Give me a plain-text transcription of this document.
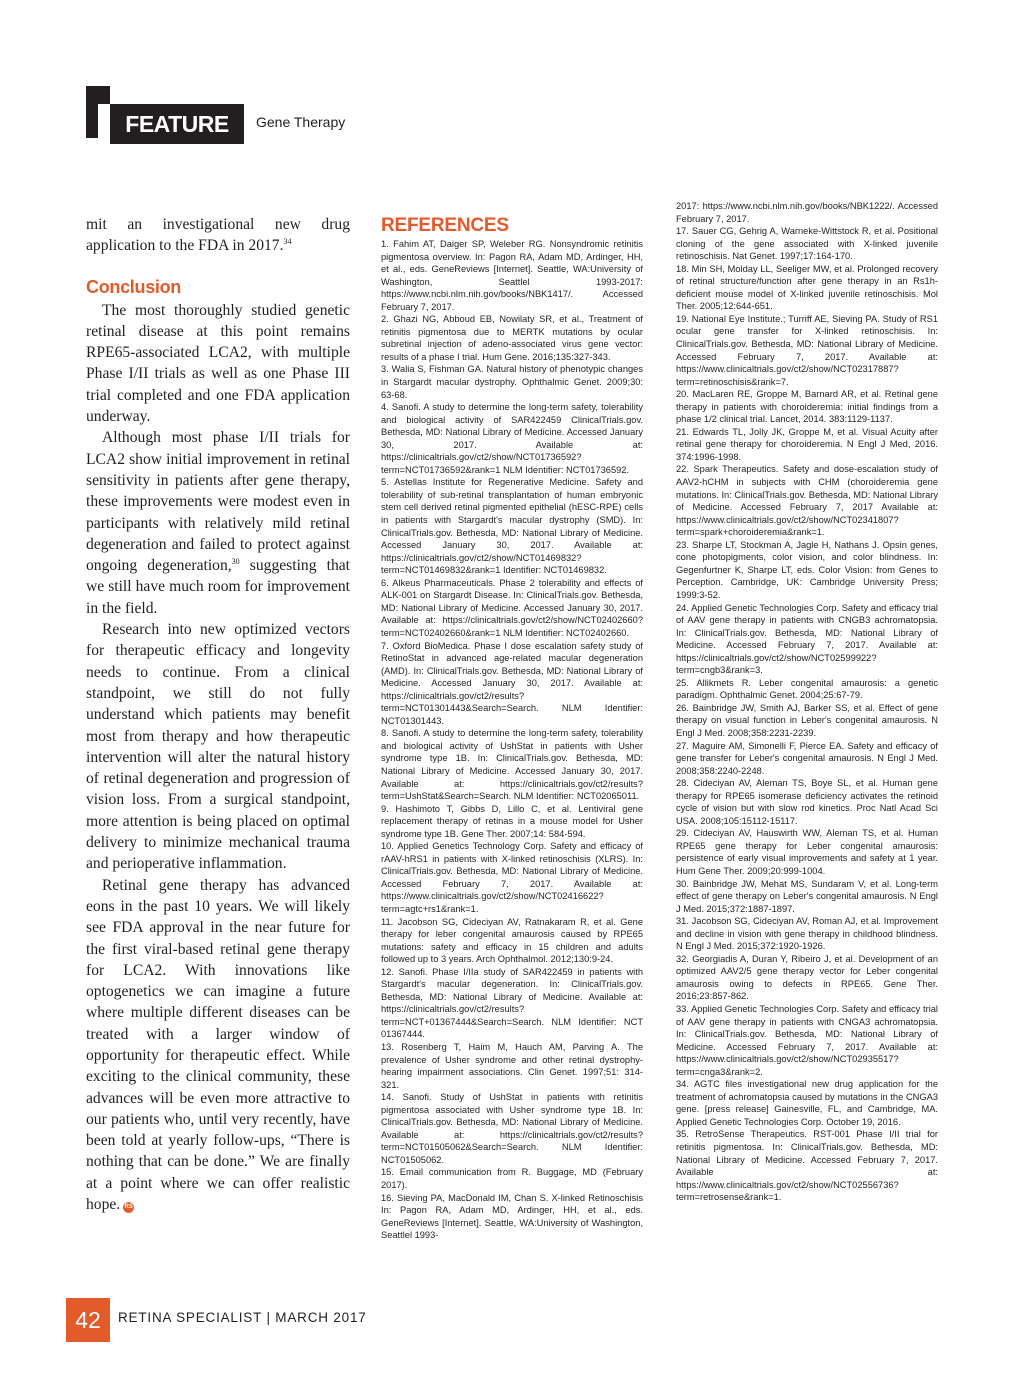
FEATURE	Gene Therapy

mit an investigational new drug application to the FDA in 2017.34

Conclusion

The most thoroughly studied genetic retinal disease at this point remains RPE65-associated LCA2, with multiple Phase I/II trials as well as one Phase III trial completed and one FDA application underway.

Although most phase I/II trials for LCA2 show initial improvement in retinal sensitivity in patients after gene therapy, these improvements were modest even in participants with relatively mild retinal degeneration and failed to protect against ongoing degeneration,$^{30}$ suggesting that we still have much room for improvement in the field.

Research into new optimized vectors for therapeutic efficacy and longevity needs to continue. From a clinical standpoint, we still do not fully understand which patients may benefit most from therapy and how therapeutic intervention will alter the natural history of retinal degeneration and progression of vision loss. From a surgical standpoint, more attention is being placed on optimal delivery to minimize mechanical trauma and perioperative inflammation.

Retinal gene therapy has advanced eons in the past 10 years. We will likely see FDA approval in the near future for the first viral-based retinal gene therapy for LCA2. With innovations like optogenetics we can imagine a future where multiple different diseases can be treated with a larger window of opportunity for therapeutic effect. While exciting to the clinical community, these advances will be even more attractive to our patients who, until very recently, have been told at yearly follow-ups, “There is nothing that can be done.” We are finally at a point where we can offer realistic hope. RS

REFERENCES

1. Fahim AT, Daiger SP, Weleber RG. Nonsyndromic retinitis pigmentosa overview. In: Pagon RA, Adam MD, Ardinger, HH, et al., eds. GeneReviews [Internet]. Seattle, WA:University of Washington, Seattlel 1993-2017: https://www.ncbi.nlm.nih.gov/books/NBK1417/. Accessed February 7, 2017.

2. Ghazi NG, Abboud EB, Nowilaty SR, et al., Treatment of retinitis pigmentosa due to MERTK mutations by ocular subretinal injection of adeno-associated virus gene vector: results of a phase I trial. Hum Gene. 2016;135:327-343.

3. Walia S, Fishman GA. Natural history of phenotypic changes in Stargardt macular dystrophy. Ophthalmic Genet. 2009;30: 63-68.

4. Sanofi. A study to determine the long-term safety, tolerability and biological activity of SAR422459 ClinicalTrials.gov. Bethesda, MD: National Library of Medicine. Accessed January 30, 2017. Available at: https://clinicaltrials.gov/ct2/show/NCT01736592?term=NCT01736592&rank=1 NLM Identifier: NCT01736592.

5. Astellas Institute for Regenerative Medicine. Safety and tolerability of sub-retinal transplantation of human embryonic stem cell derived retinal pigmented epithelial (hESC-RPE) cells in patients with Stargardt's macular dystrophy (SMD). In: ClinicalTrials.gov. Bethesda, MD: National Library of Medicine. Accessed January 30, 2017. Available at: https://clinicaltrials.gov/ct2/show/NCT01469832?term=NCT01469832&rank=1 Identifier: NCT01469832.

6. Alkeus Pharmaceuticals. Phase 2 tolerability and effects of ALK-001 on Stargardt Disease. In: ClinicalTrials.gov. Bethesda, MD: National Library of Medicine. Accessed January 30, 2017. Available at: https://clinicaltrials.gov/ct2/show/NCT02402660?term=NCT02402660&rank=1 NLM Identifier: NCT02402660.

7. Oxford BioMedica. Phase I dose escalation safety study of RetinoStat in advanced age-related macular degeneration (AMD). In: ClinicalTrials.gov. Bethesda, MD: National Library of Medicine. Accessed January 30, 2017. Available at: https://clinicaltrials.gov/ct2/results?term=NCT01301443&Search=Search. NLM Identifier: NCT01301443.

8. Sanofi. A study to determine the long-term safety, tolerability and biological activity of UshStat in patients with Usher syndrome type 1B. In: ClinicalTrials.gov. Bethesda, MD: National Library of Medicine. Accessed January 30, 2017. Available at: https://clinicaltrials.gov/ct2/results?term=UshStat&Search=Search. NLM Identifier: NCT02065011.

9. Hashimoto T, Gibbs D, Lillo C, et al. Lentiviral gene replacement therapy of retinas in a mouse model for Usher syndrome type 1B. Gene Ther. 2007;14: 584-594.

10. Applied Genetics Technology Corp. Safety and efficacy of rAAV-hRS1 in patients with X-linked retinoschisis (XLRS). In: ClinicalTrials.gov. Bethesda, MD: National Library of Medicine. Accessed February 7, 2017. Available at: https://www.clinicaltrials.gov/ct2/show/NCT02416622?term=agtc+rs1&rank=1.

11. Jacobson SG, Cideciyan AV, Ratnakaram R, et al. Gene therapy for leber congenital amaurosis caused by RPE65 mutations: safety and efficacy in 15 children and adults followed up to 3 years. Arch Ophthalmol. 2012;130:9-24.

12. Sanofi. Phase I/IIa study of SAR422459 in patients with Stargardt's macular degeneration. In: ClinicalTrials.gov. Bethesda, MD: National Library of Medicine. Available at: https://clinicaltrials.gov/ct2/results?term=NCT+01367444&Search=Search. NLM Identifier: NCT 01367444.

13. Rosenberg T, Haim M, Hauch AM, Parving A. The prevalence of Usher syndrome and other retinal dystrophy-hearing impairment associations. Clin Genet. 1997;51: 314-321.

14. Sanofi. Study of UshStat in patients with retinitis pigmentosa associated with Usher syndrome type 1B. In: ClinicalTrials.gov. Bethesda, MD: National Library of Medicine. Available at: https://clinicaltrials.gov/ct2/results?term=NCT01505062&Search=Search. NLM Identifier: NCT01505062.

15. Email communication from R. Buggage, MD (February 2017).

16. Sieving PA, MacDonald IM, Chan S. X-linked Retinoschisis In: Pagon RA, Adam MD, Ardinger, HH, et al., eds. GeneReviews [Internet]. Seattle, WA:University of Washington, Seattlel 1993-

2017: https://www.ncbi.nlm.nih.gov/books/NBK1222/. Accessed February 7, 2017.

17. Sauer CG, Gehrig A, Warneke-Wittstock R, et al. Positional cloning of the gene associated with X-linked juvenile retinoschisis. Nat Genet. 1997;17:164-170.

18. Min SH, Molday LL, Seeliger MW, et al. Prolonged recovery of retinal structure/function after gene therapy in an Rs1h-deficient mouse model of X-linked juvenile retinoschisis. Mol Ther. 2005;12:644-651.

19. National Eye Institute.; Turriff AE, Sieving PA. Study of RS1 ocular gene transfer for X-linked retinoschisis. In: ClinicalTrials.gov. Bethesda, MD: National Library of Medicine. Accessed February 7, 2017. Available at: https://www.clinicaltrials.gov/ct2/show/NCT02317887?term=retinoschisis&rank=7.

20. MacLaren RE, Groppe M, Barnard AR, et al. Retinal gene therapy in patients with choroideremia: initial findings from a phase 1/2 clinical trial. Lancet, 2014. 383:1129-1137.

21. Edwards TL, Jolly JK, Groppe M, et al. Visual Acuity after retinal gene therapy for choroideremia. N Engl J Med, 2016. 374:1996-1998.

22. Spark Therapeutics. Safety and dose-escalation study of AAV2-hCHM in subjects with CHM (choroideremia gene mutations. In: ClinicalTrials.gov. Bethesda, MD: National Library of Medicine. Accessed February 7, 2017 Available at: https://www.clinicaltrials.gov/ct2/show/NCT02341807?term=spark+choroideremia&rank=1.

23. Sharpe LT, Stockman A, Jagle H, Nathans J. Opsin genes, cone photopigments, color vision, and color blindness. In: Gegenfurtner K, Sharpe LT, eds. Color Vision: from Genes to Perception. Cambridge, UK: Cambridge University Press; 1999:3-52.

24. Applied Genetic Technologies Corp. Safety and efficacy trial of AAV gene therapy in patients with CNGB3 achromatopsia. In: ClinicalTrials.gov. Bethesda, MD: National Library of Medicine. Accessed February 7, 2017. Available at: https://clinicaltrials.gov/ct2/show/NCT02599922?term=cngb3&rank=3.

25. Allikmets R. Leber congenital amaurosis: a genetic paradigm. Ophthalmic Genet. 2004;25:67-79.

26. Bainbridge JW, Smith AJ, Barker SS, et al. Effect of gene therapy on visual function in Leber's congenital amaurosis. N Engl J Med. 2008;358:2231-2239.

27. Maguire AM, Simonelli F, Pierce EA. Safety and efficacy of gene transfer for Leber's congenital amaurosis. N Engl J Med. 2008;358:2240-2248.

28. Cideciyan AV, Aleman TS, Boye SL, et al. Human gene therapy for RPE65 isomerase deficiency activates the retinoid cycle of vision but with slow rod kinetics. Proc Natl Acad Sci USA. 2008;105:15112-15117.

29. Cideciyan AV, Hauswirth WW, Aleman TS, et al. Human RPE65 gene therapy for Leber congenital amaurosis: persistence of early visual improvements and safety at 1 year. Hum Gene Ther. 2009;20:999-1004.

30. Bainbridge JW, Mehat MS, Sundaram V, et al. Long-term effect of gene therapy on Leber's congenital amaurosis. N Engl J Med. 2015;372:1887-1897.

31. Jacobson SG, Cideciyan AV, Roman AJ, et al. Improvement and decline in vision with gene therapy in childhood blindness. N Engl J Med. 2015;372:1920-1926.

32. Georgiadis A, Duran Y, Ribeiro J, et al. Development of an optimized AAV2/5 gene therapy vector for Leber congenital amaurosis owing to defects in RPE65. Gene Ther. 2016;23:857-862.

33. Applied Genetic Technologies Corp. Safety and efficacy trial of AAV gene therapy in patients with CNGA3 achromatopsia. In: ClinicalTrials.gov. Bethesda, MD: National Library of Medicine. Accessed February 7, 2017. Available at: https://www.clinicaltrials.gov/ct2/show/NCT02935517?term=cnga3&rank=2.

34. AGTC files investigational new drug application for the treatment of achromatopsia caused by mutations in the CNGA3 gene. [press release] Gainesville, FL, and Cambridge, MA. Applied Genetic Technologies Corp. October 19, 2016.

35. RetroSense Therapeutics. RST-001 Phase I/II trial for retinitis pigmentosa. In: ClinicalTrials.gov. Bethesda, MD: National Library of Medicine. Accessed February 7, 2017. Available at: https://www.clinicaltrials.gov/ct2/show/NCT02556736?term=retrosense&rank=1.

42	RETINA SPECIALIST | MARCH 2017
